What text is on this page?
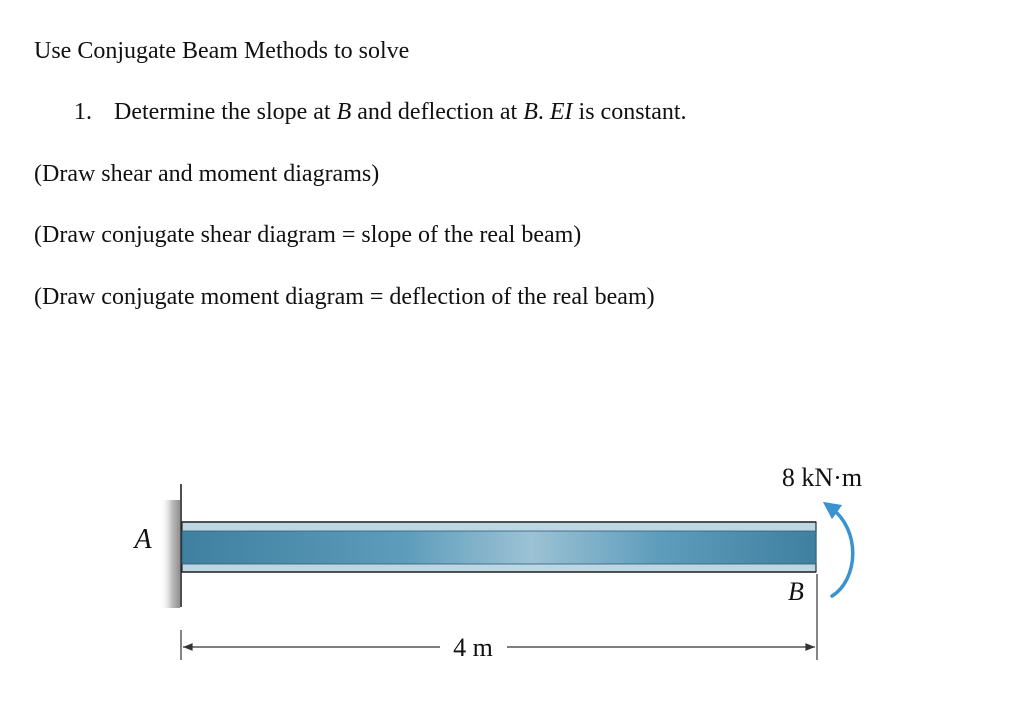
Use Conjugate Beam Methods to solve
1. Determine the slope at B and deflection at B. EI is constant.
(Draw shear and moment diagrams)
(Draw conjugate shear diagram = slope of the real beam)
(Draw conjugate moment diagram = deflection of the real beam)
4 m
A
B
8 kN·m
